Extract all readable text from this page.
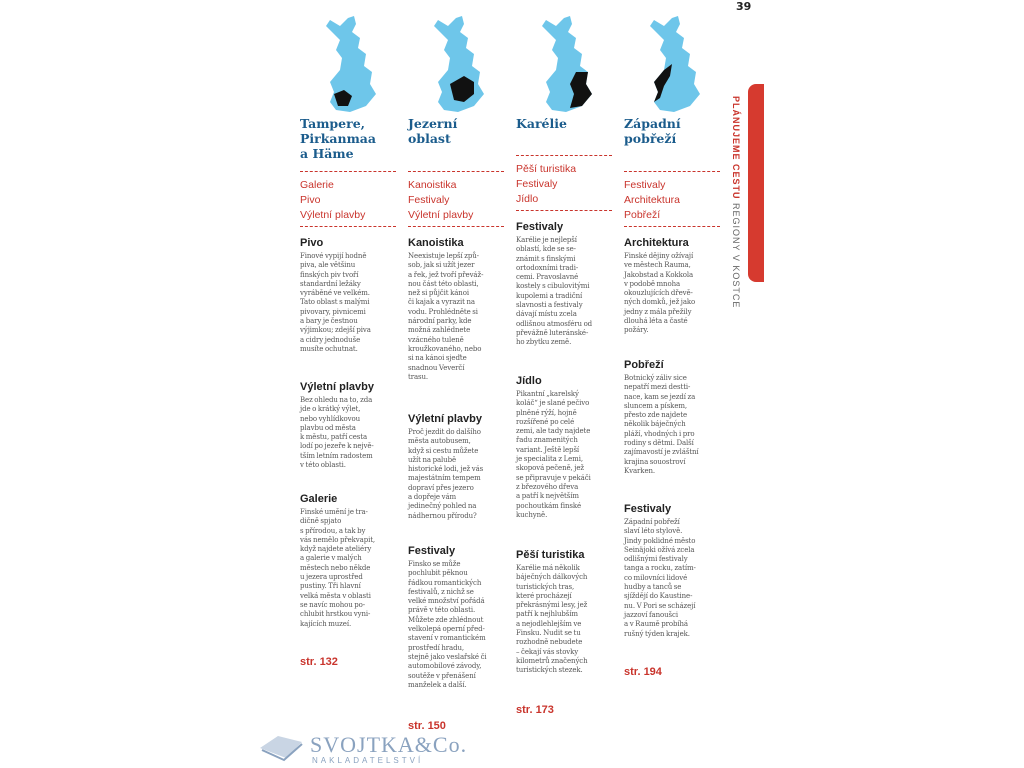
39
Tampere,
Pirkanmaa
a Häme
Galerie
Pivo
Výletní plavby
Pivo
Finové vypijí hodně
piva, ale většinu
finských piv tvoří
standardní ležáky
vyráběné ve velkém.
Tato oblast s malými
pivovary, pivnicemi
a bary je čestnou
výjimkou; zdejší piva
a cidry jednoduše
musíte ochutnat.
Výletní plavby
Bez ohledu na to, zda
jde o krátký výlet,
nebo vyhlídkovou
plavbu od města
k městu, patří cesta
lodí po jezeře k nejvě-
tším letním radostem
v této oblasti.
Galerie
Finské umění je tra-
dičně spjato
s přírodou, a tak by
vás nemělo překvapit,
když najdete ateliéry
a galerie v malých
městech nebo někde
u jezera uprostřed
pustiny. Tři hlavní
velká města v oblasti
se navíc mohou po-
chlubit hrstkou vyni-
kajících muzeí.
str. 132
Jezerní
oblast
Kanoistika
Festivaly
Výletní plavby
Kanoistika
Neexistuje lepší způ-
sob, jak si užít jezer
a řek, jež tvoří převáž-
nou část této oblasti,
než si půjčit kánoi
či kajak a vyrazit na
vodu. Prohlédněte si
národní parky, kde
možná zahlédnete
vzácného tuleně
kroužkovaného, nebo
si na kánoi sjeďte
snadnou Veverčí
trasu.
Výletní plavby
Proč jezdit do dalšího
města autobusem,
když si cestu můžete
užít na palubě
historické lodi, jež vás
majestátním tempem
dopraví přes jezero
a dopřeje vám
jedinečný pohled na
nádhernou přírodu?
Festivaly
Finsko se může
pochlubit pěknou
řádkou romantických
festivalů, z nichž se
velké množství pořádá
právě v této oblasti.
Můžete zde zhlédnout
velkolepá operní před-
stavení v romantickém
prostředí hradu,
stejně jako veslařské či
automobilové závody,
soutěže v přenášení
manželek a další.
str. 150
Karélie
Pěší turistika
Festivaly
Jídlo
Festivaly
Karélie je nejlepší
oblastí, kde se se-
známit s finskými
ortodoxními tradi-
cemi. Pravoslavné
kostely s cibulovitými
kupolemi a tradiční
slavnosti a festivaly
dávají místu zcela
odlišnou atmosféru od
převážně luteránské-
ho zbytku země.
Jídlo
Pikantní „karelský
koláč“ je slané pečivo
plněné rýží, hojně
rozšířené po celé
zemi, ale tady najdete
řadu znamenitých
variant. Ještě lepší
je specialita z Lemi,
skopová pečeně, jež
se připravuje v pekáči
z březového dřeva
a patří k největším
pochoutkám finské
kuchyně.
Pěší turistika
Karélie má několik
báječných dálkových
turistických tras,
které procházejí
překrásnými lesy, jež
patří k nejhlubším
a nejodlehlejším ve
Finsku. Nudit se tu
rozhodně nebudete
– čekají vás stovky
kilometrů značených
turistických stezek.
str. 173
Západní
pobřeží
Festivaly
Architektura
Pobřeží
Architektura
Finské dějiny ožívají
ve městech Rauma,
Jakobstad a Kokkola
v podobě mnoha
okouzlujících dřevě-
ných domků, jež jako
jedny z mála přežily
dlouhá léta a časté
požáry.
Pobřeží
Botnický záliv sice
nepatří mezi destti-
nace, kam se jezdí za
sluncem a pískem,
přesto zde najdete
několik báječných
pláží, vhodných i pro
rodiny s dětmi. Další
zajímavostí je zvláštní
krajina souostroví
Kvarken.
Festivaly
Západní pobřeží
slaví léto stylově.
Jindy poklidné město
Seinäjoki ožívá zcela
odlišnými festivaly
tanga a rocku, zatím-
co milovníci lidové
hudby a tanců se
sjíždějí do Kaustine-
nu. V Pori se scházejí
jazzoví fanoušci
a v Raumě probíhá
rušný týden krajek.
str. 194
PLÁNUJEME CESTU REGIONY V KOSTCE
SVOJTKA&Co.
NAKLADATELSTVÍ
